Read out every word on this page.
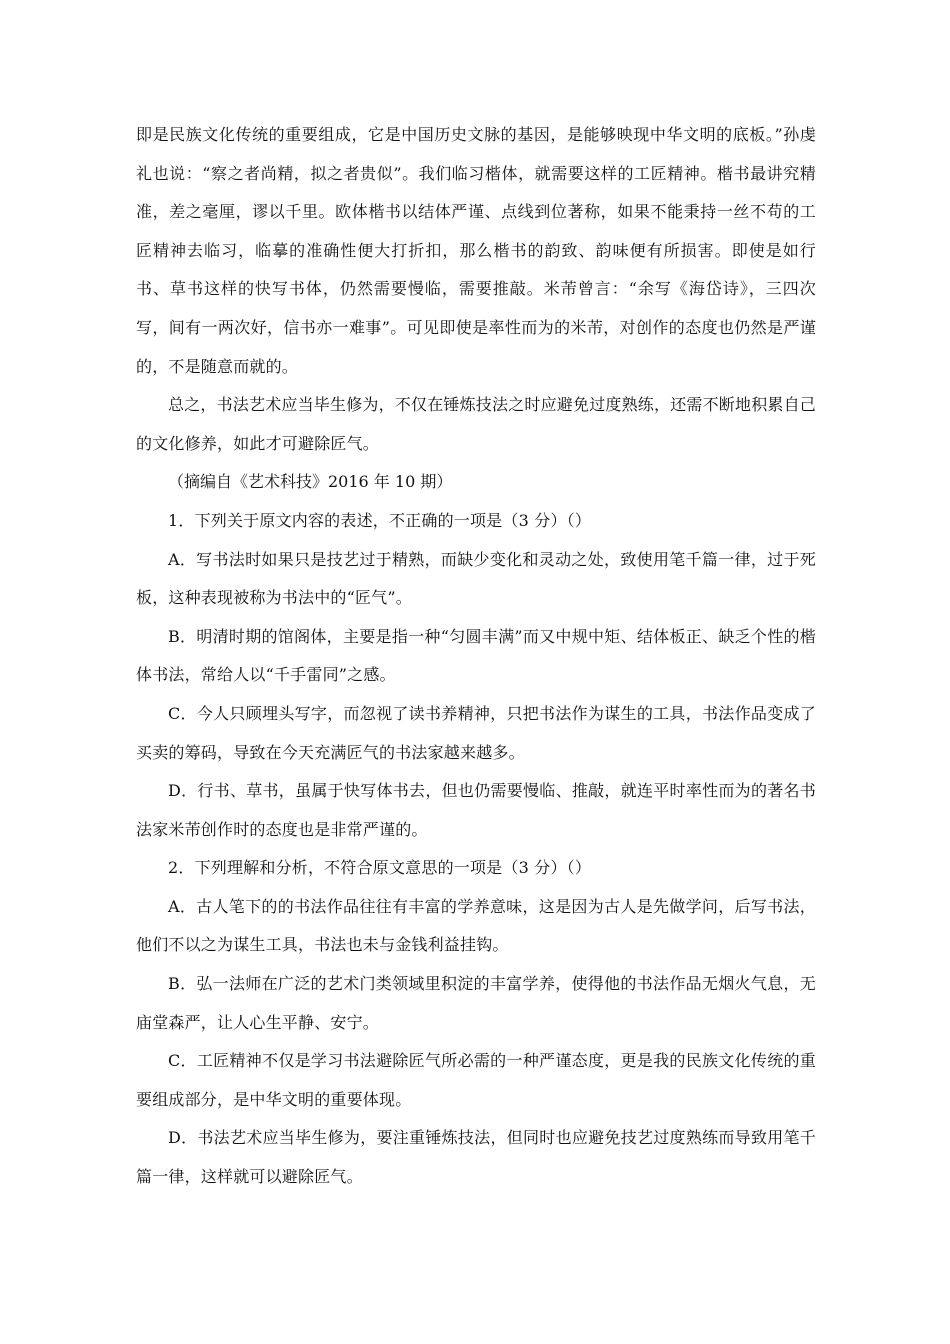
即是民族文化传统的重要组成，它是中国历史文脉的基因，是能够映现中华文明的底板。”孙虔礼也说：“察之者尚精，拟之者贵似”。我们临习楷体，就需要这样的工匠精神。楷书最讲究精准，差之毫厘，谬以千里。欧体楷书以结体严谨、点线到位著称，如果不能秉持一丝不苟的工匠精神去临习，临摹的准确性便大打折扣，那么楷书的韵致、韵味便有所损害。即使是如行书、草书这样的快写书体，仍然需要慢临，需要推敲。米芾曾言：“余写《海岱诗》，三四次写，间有一两次好，信书亦一难事”。可见即使是率性而为的米芾，对创作的态度也仍然是严谨的，不是随意而就的。

总之，书法艺术应当毕生修为，不仅在锤炼技法之时应避免过度熟练，还需不断地积累自己的文化修养，如此才可避除匠气。

（摘编自《艺术科技》2016 年 10 期）

1．下列关于原文内容的表述，不正确的一项是（3 分）（）

A．写书法时如果只是技艺过于精熟，而缺少变化和灵动之处，致使用笔千篇一律，过于死板，这种表现被称为书法中的“匠气”。

B．明清时期的馆阁体，主要是指一种“匀圆丰满”而又中规中矩、结体板正、缺乏个性的楷体书法，常给人以“千手雷同”之感。

C．今人只顾埋头写字，而忽视了读书养精神，只把书法作为谋生的工具，书法作品变成了买卖的筹码，导致在今天充满匠气的书法家越来越多。

D．行书、草书，虽属于快写体书去，但也仍需要慢临、推敲，就连平时率性而为的著名书法家米芾创作时的态度也是非常严谨的。

2．下列理解和分析，不符合原文意思的一项是（3 分）（）

A．古人笔下的的书法作品往往有丰富的学养意味，这是因为古人是先做学问，后写书法，他们不以之为谋生工具，书法也未与金钱利益挂钩。

B．弘一法师在广泛的艺术门类领域里积淀的丰富学养，使得他的书法作品无烟火气息，无庙堂森严，让人心生平静、安宁。

C．工匠精神不仅是学习书法避除匠气所必需的一种严谨态度，更是我的民族文化传统的重要组成部分，是中华文明的重要体现。

D．书法艺术应当毕生修为，要注重锤炼技法，但同时也应避免技艺过度熟练而导致用笔千篇一律，这样就可以避除匠气。
